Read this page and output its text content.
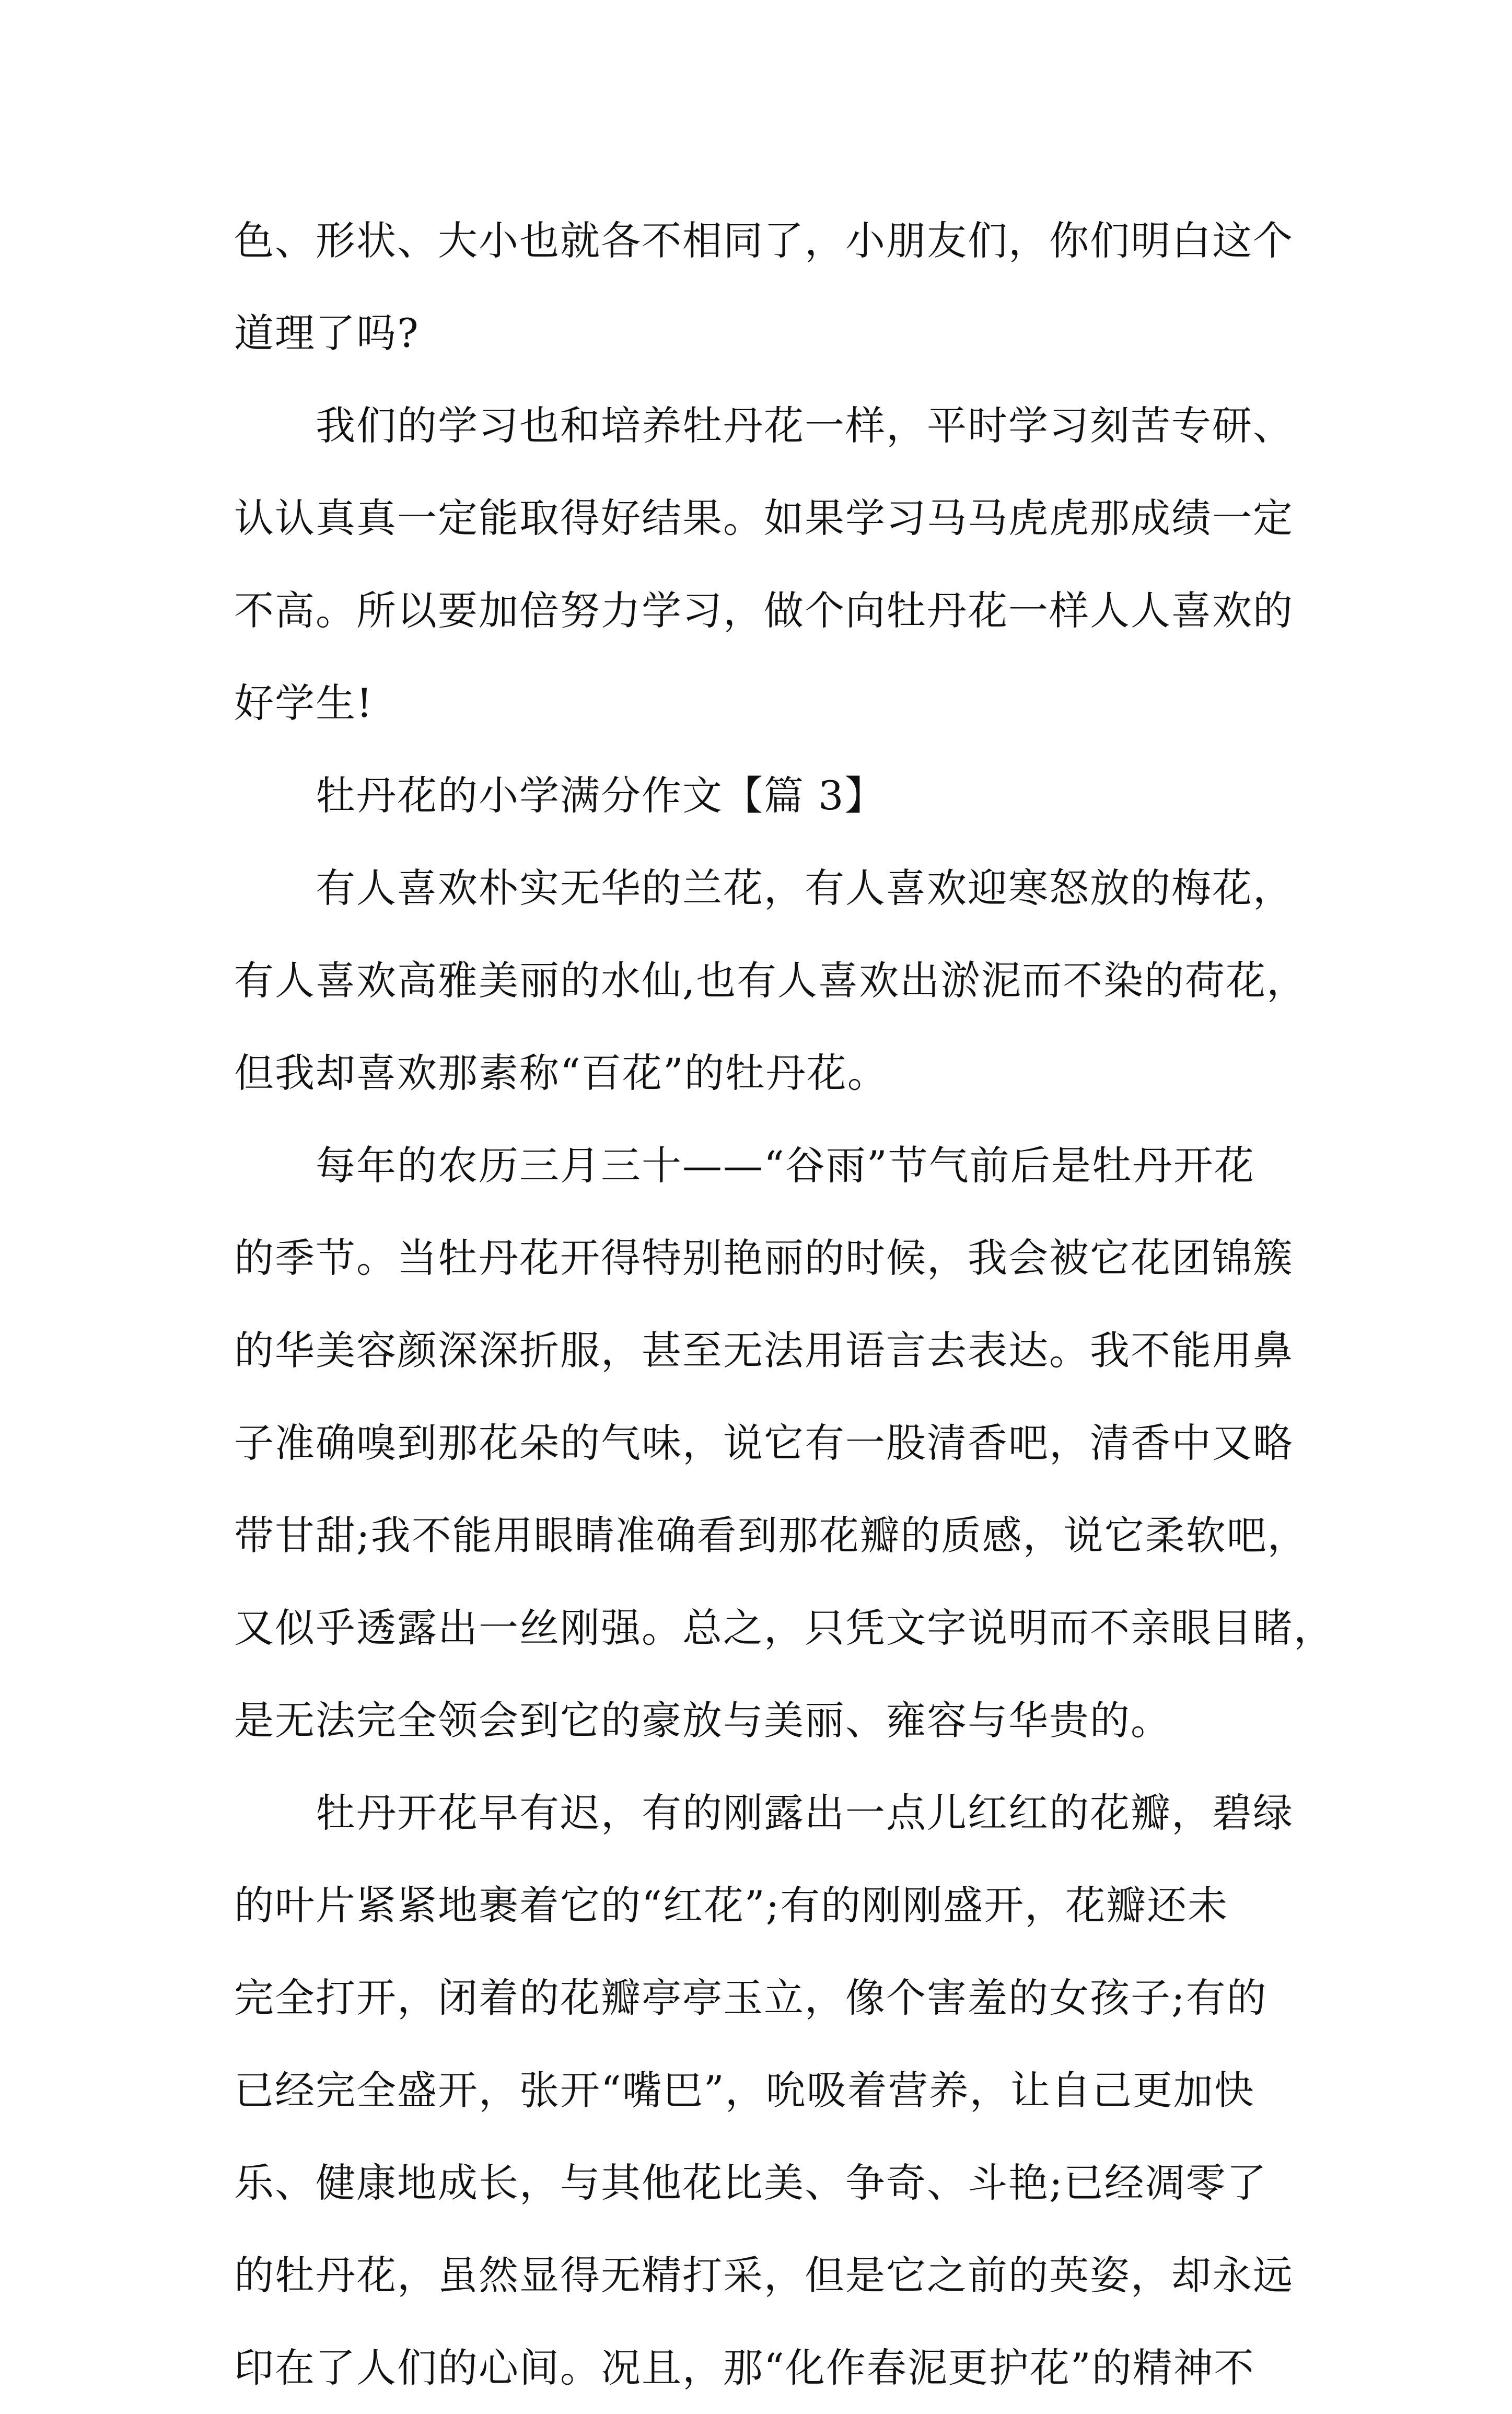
色、形状、大小也就各不相同了，小朋友们，你们明白这个
道理了吗?
我们的学习也和培养牡丹花一样，平时学习刻苦专研、
认认真真一定能取得好结果。如果学习马马虎虎那成绩一定
不高。所以要加倍努力学习，做个向牡丹花一样人人喜欢的
好学生!
牡丹花的小学满分作文【篇 3】
有人喜欢朴实无华的兰花，有人喜欢迎寒怒放的梅花，
有人喜欢高雅美丽的水仙,也有人喜欢出淤泥而不染的荷花，
但我却喜欢那素称“百花”的牡丹花。
每年的农历三月三十——“谷雨”节气前后是牡丹开花
的季节。当牡丹花开得特别艳丽的时候，我会被它花团锦簇
的华美容颜深深折服，甚至无法用语言去表达。我不能用鼻
子准确嗅到那花朵的气味，说它有一股清香吧，清香中又略
带甘甜;我不能用眼睛准确看到那花瓣的质感，说它柔软吧，
又似乎透露出一丝刚强。总之，只凭文字说明而不亲眼目睹，
是无法完全领会到它的豪放与美丽、雍容与华贵的。
牡丹开花早有迟，有的刚露出一点儿红红的花瓣，碧绿
的叶片紧紧地裹着它的“红花”;有的刚刚盛开，花瓣还未
完全打开，闭着的花瓣亭亭玉立，像个害羞的女孩子;有的
已经完全盛开，张开“嘴巴”，吮吸着营养，让自己更加快
乐、健康地成长，与其他花比美、争奇、斗艳;已经凋零了
的牡丹花，虽然显得无精打采，但是它之前的英姿，却永远
印在了人们的心间。况且，那“化作春泥更护花”的精神不
